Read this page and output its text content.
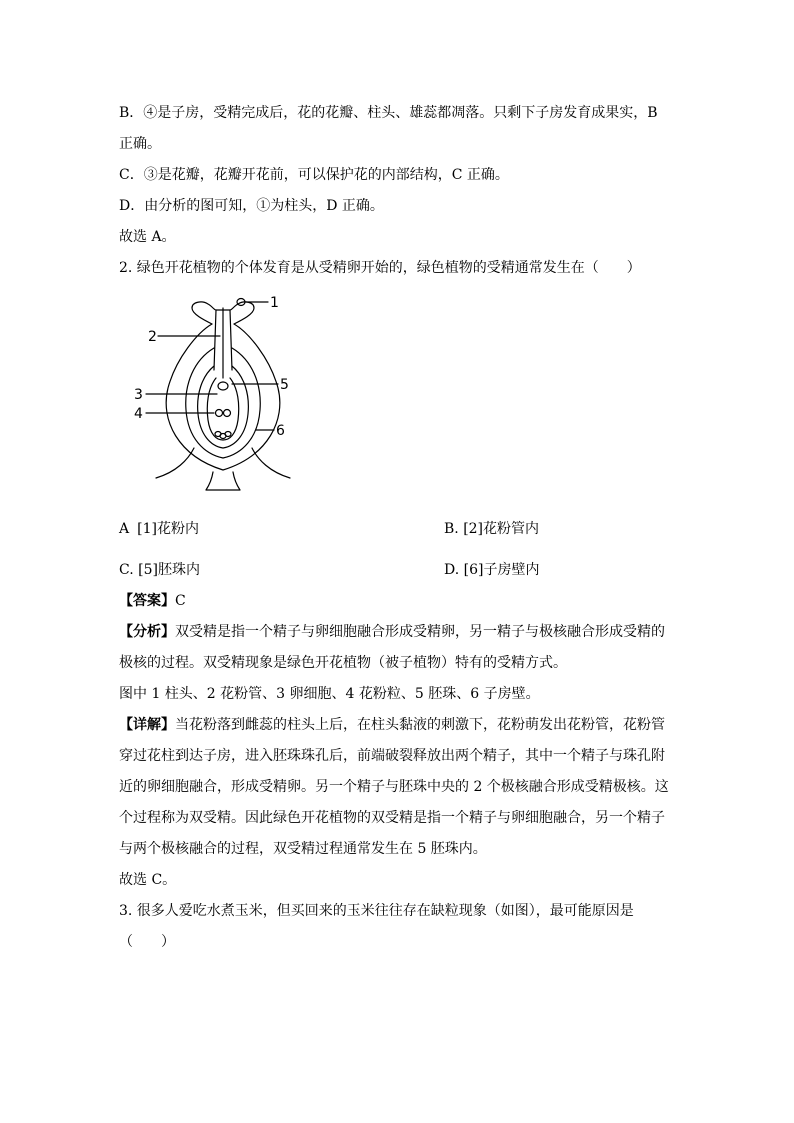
B．④是子房，受精完成后，花的花瓣、柱头、雄蕊都凋落。只剩下子房发育成果实，B
正确。
C．③是花瓣，花瓣开花前，可以保护花的内部结构，C 正确。
D．由分析的图可知，①为柱头，D 正确。
故选 A。
2. 绿色开花植物的个体发育是从受精卵开始的，绿色植物的受精通常发生在（　　）
1
2
3
4
5
6
A [1]花粉内	B. [2]花粉管内
C. [5]胚珠内	D. [6]子房壁内
【答案】C
【分析】双受精是指一个精子与卵细胞融合形成受精卵，另一精子与极核融合形成受精的
极核的过程。双受精现象是绿色开花植物（被子植物）特有的受精方式。
图中 1 柱头、2 花粉管、3 卵细胞、4 花粉粒、5 胚珠、6 子房壁。
【详解】当花粉落到雌蕊的柱头上后，在柱头黏液的刺激下，花粉萌发出花粉管，花粉管
穿过花柱到达子房，进入胚珠珠孔后，前端破裂释放出两个精子，其中一个精子与珠孔附
近的卵细胞融合，形成受精卵。另一个精子与胚珠中央的 2 个极核融合形成受精极核。这
个过程称为双受精。因此绿色开花植物的双受精是指一个精子与卵细胞融合，另一个精子
与两个极核融合的过程，双受精过程通常发生在 5 胚珠内。
故选 C。
3. 很多人爱吃水煮玉米，但买回来的玉米往往存在缺粒现象（如图），最可能原因是
（　　）
